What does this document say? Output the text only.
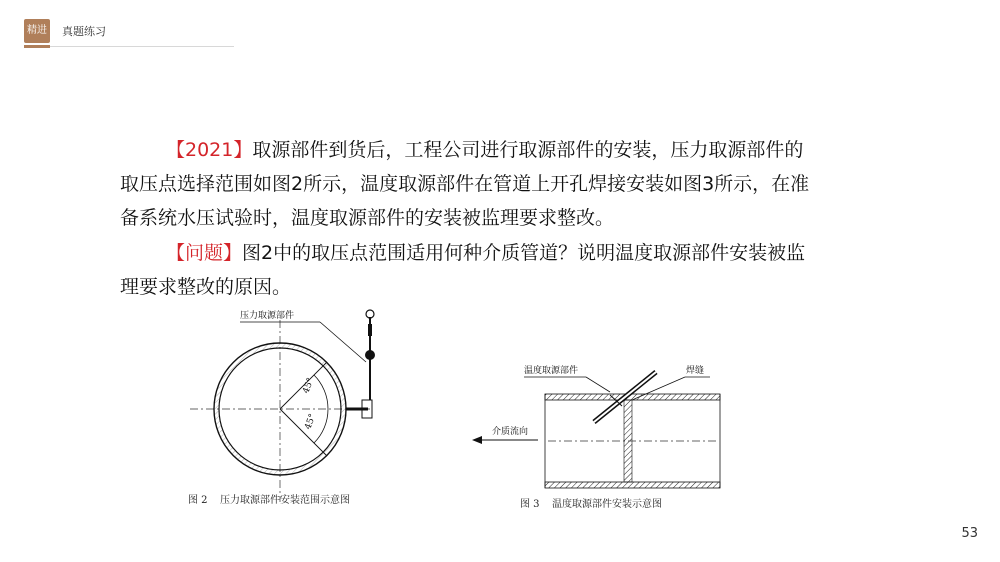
精进 真题练习

【2021】取源部件到货后，工程公司进行取源部件的安装，压力取源部件的取压点选择范围如图2所示，温度取源部件在管道上开孔焊接安装如图3所示，在准备系统水压试验时，温度取源部件的安装被监理要求整改。

【问题】图2中的取压点范围适用何种介质管道？说明温度取源部件安装被监理要求整改的原因。

45°
45°
压力取源部件
图 2 压力取源部件安装范围示意图
介质流向
温度取源部件	焊缝
图 3 温度取源部件安装示意图
53
